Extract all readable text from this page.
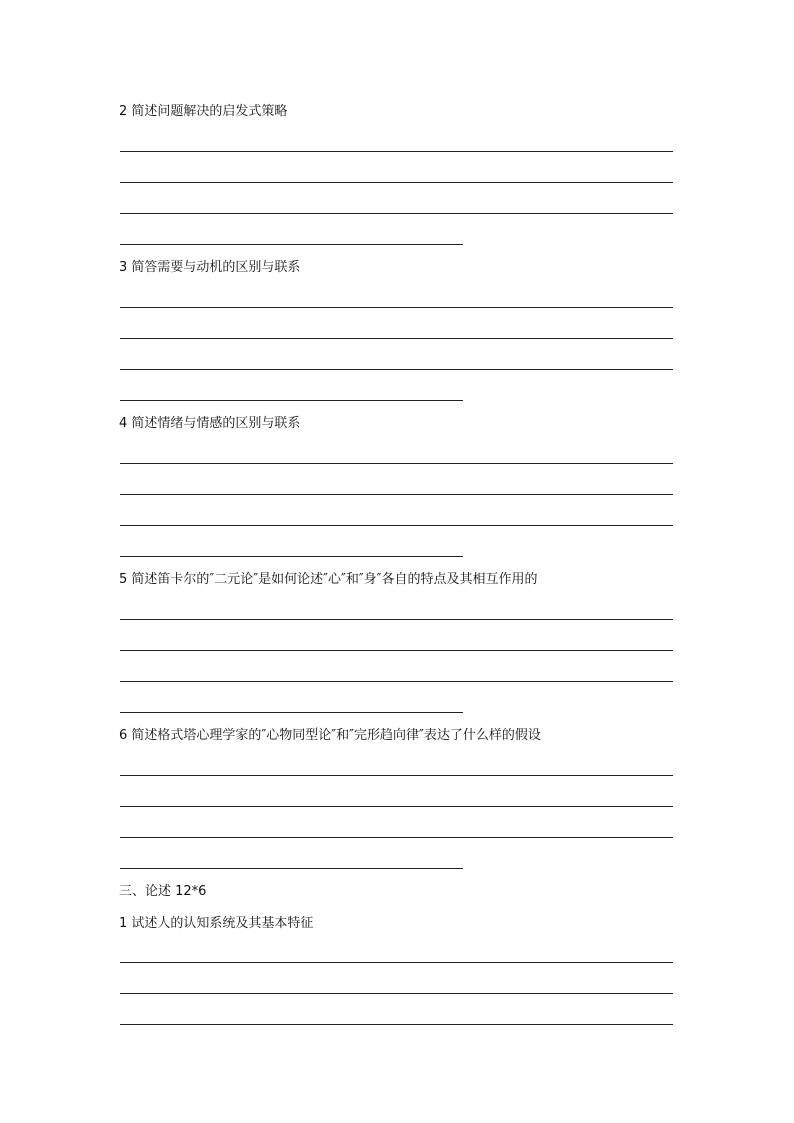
2 简述问题解决的启发式策略
3 简答需要与动机的区别与联系
4 简述情绪与情感的区别与联系
5 简述笛卡尔的″二元论″是如何论述″心″和″身″各自的特点及其相互作用的
6 简述格式塔心理学家的″心物同型论″和″完形趋向律″表达了什么样的假设
三、论述 12*6
1 试述人的认知系统及其基本特征
